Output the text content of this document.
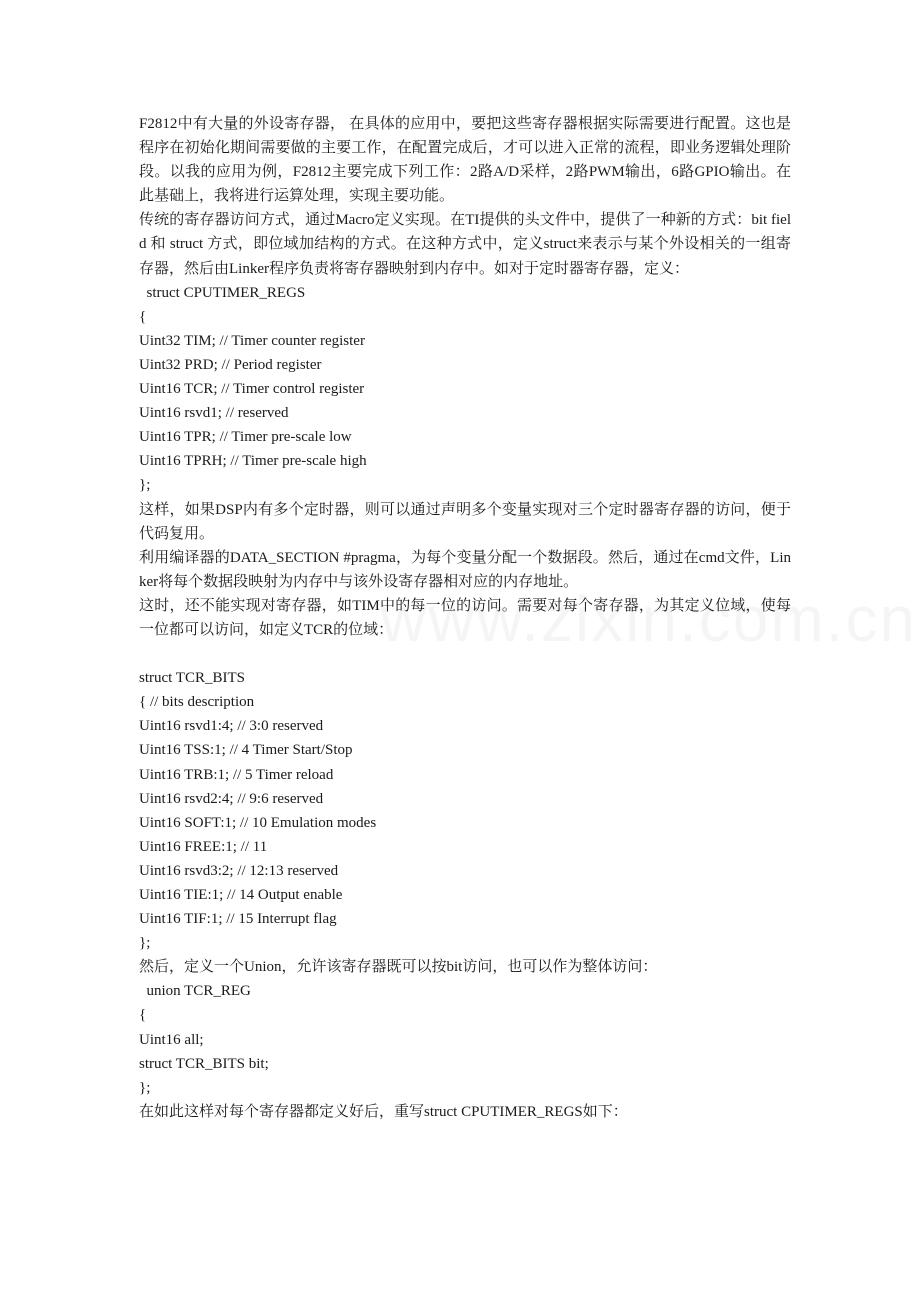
F2812中有大量的外设寄存器， 在具体的应用中，要把这些寄存器根据实际需要进行配置。这也是程序在初始化期间需要做的主要工作，在配置完成后，才可以进入正常的流程，即业务逻辑处理阶段。以我的应用为例，F2812主要完成下列工作：2路A/D采样，2路PWM输出，6路GPIO输出。在此基础上，我将进行运算处理，实现主要功能。
传统的寄存器访问方式，通过Macro定义实现。在TI提供的头文件中，提供了一种新的方式：bit field 和 struct 方式，即位域加结构的方式。在这种方式中，定义struct来表示与某个外设相关的一组寄存器，然后由Linker程序负责将寄存器映射到内存中。如对于定时器寄存器，定义：
struct CPUTIMER_REGS
{
Uint32 TIM; // Timer counter register
Uint32 PRD; // Period register
Uint16 TCR; // Timer control register
Uint16 rsvd1; // reserved
Uint16 TPR; // Timer pre-scale low
Uint16 TPRH; // Timer pre-scale high
};
这样，如果DSP内有多个定时器，则可以通过声明多个变量实现对三个定时器寄存器的访问，便于代码复用。
利用编译器的DATA_SECTION #pragma，为每个变量分配一个数据段。然后，通过在cmd文件，Linker将每个数据段映射为内存中与该外设寄存器相对应的内存地址。
这时，还不能实现对寄存器，如TIM中的每一位的访问。需要对每个寄存器，为其定义位域，使每一位都可以访问，如定义TCR的位域：
struct TCR_BITS
{ // bits description
Uint16 rsvd1:4; // 3:0 reserved
Uint16 TSS:1; // 4 Timer Start/Stop
Uint16 TRB:1; // 5 Timer reload
Uint16 rsvd2:4; // 9:6 reserved
Uint16 SOFT:1; // 10 Emulation modes
Uint16 FREE:1; // 11
Uint16 rsvd3:2; // 12:13 reserved
Uint16 TIE:1; // 14 Output enable
Uint16 TIF:1; // 15 Interrupt flag
};
然后，定义一个Union，允许该寄存器既可以按bit访问，也可以作为整体访问：
union TCR_REG
{
Uint16 all;
struct TCR_BITS bit;
};
在如此这样对每个寄存器都定义好后，重写struct CPUTIMER_REGS如下：
